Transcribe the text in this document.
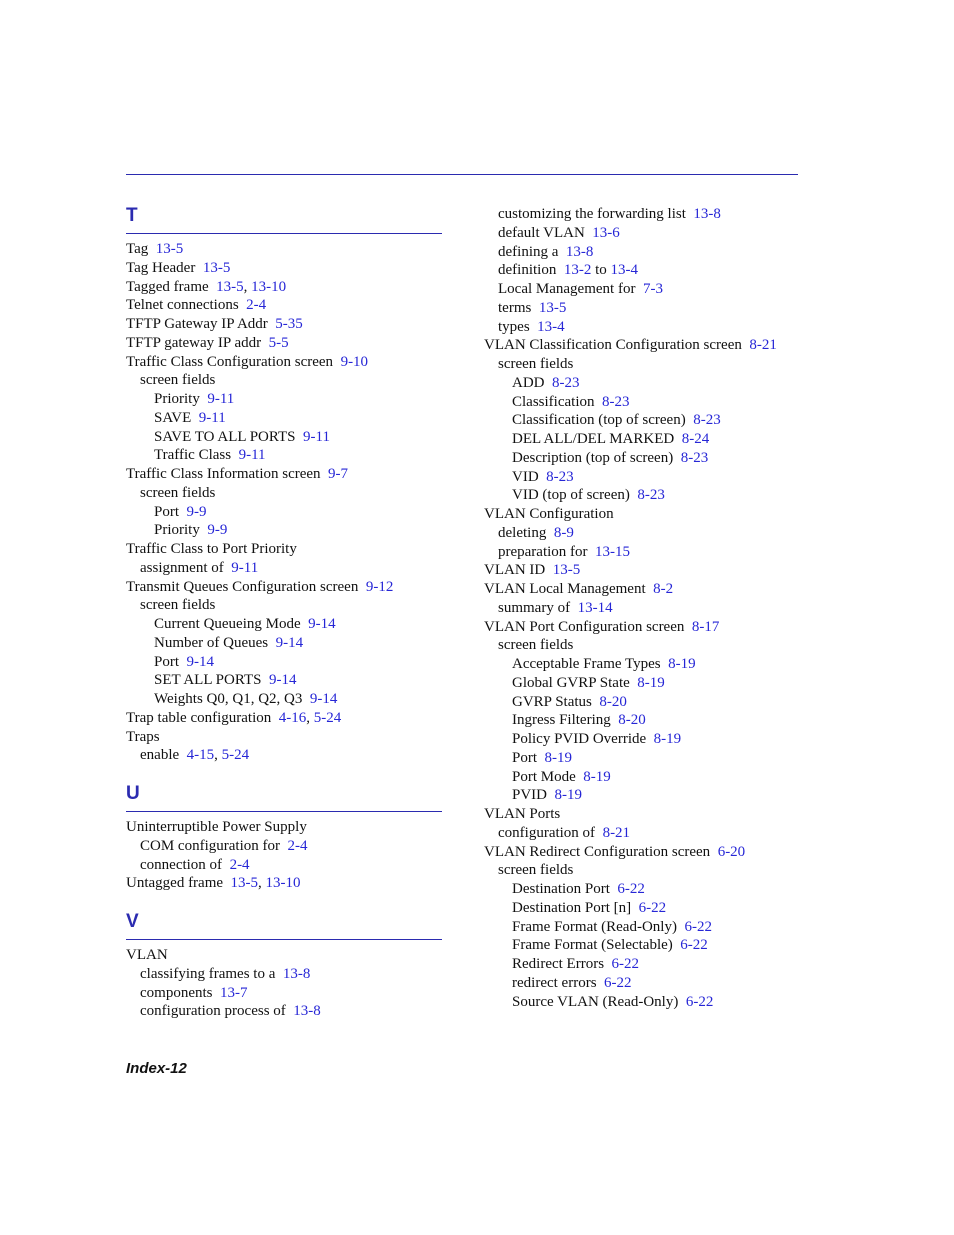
T
Tag 13-5
Tag Header 13-5
Tagged frame 13-5, 13-10
Telnet connections 2-4
TFTP Gateway IP Addr 5-35
TFTP gateway IP addr 5-5
Traffic Class Configuration screen 9-10
screen fields
Priority 9-11
SAVE 9-11
SAVE TO ALL PORTS 9-11
Traffic Class 9-11
Traffic Class Information screen 9-7
screen fields
Port 9-9
Priority 9-9
Traffic Class to Port Priority
assignment of 9-11
Transmit Queues Configuration screen 9-12
screen fields
Current Queueing Mode 9-14
Number of Queues 9-14
Port 9-14
SET ALL PORTS 9-14
Weights Q0, Q1, Q2, Q3 9-14
Trap table configuration 4-16, 5-24
Traps
enable 4-15, 5-24
U
Uninterruptible Power Supply
COM configuration for 2-4
connection of 2-4
Untagged frame 13-5, 13-10
V
VLAN
classifying frames to a 13-8
components 13-7
configuration process of 13-8
customizing the forwarding list 13-8
default VLAN 13-6
defining a 13-8
definition 13-2 to 13-4
Local Management for 7-3
terms 13-5
types 13-4
VLAN Classification Configuration screen 8-21
screen fields
ADD 8-23
Classification 8-23
Classification (top of screen) 8-23
DEL ALL/DEL MARKED 8-24
Description (top of screen) 8-23
VID 8-23
VID (top of screen) 8-23
VLAN Configuration
deleting 8-9
preparation for 13-15
VLAN ID 13-5
VLAN Local Management 8-2
summary of 13-14
VLAN Port Configuration screen 8-17
screen fields
Acceptable Frame Types 8-19
Global GVRP State 8-19
GVRP Status 8-20
Ingress Filtering 8-20
Policy PVID Override 8-19
Port 8-19
Port Mode 8-19
PVID 8-19
VLAN Ports
configuration of 8-21
VLAN Redirect Configuration screen 6-20
screen fields
Destination Port 6-22
Destination Port [n] 6-22
Frame Format (Read-Only) 6-22
Frame Format (Selectable) 6-22
Redirect Errors 6-22
redirect errors 6-22
Source VLAN (Read-Only) 6-22
Index-12
